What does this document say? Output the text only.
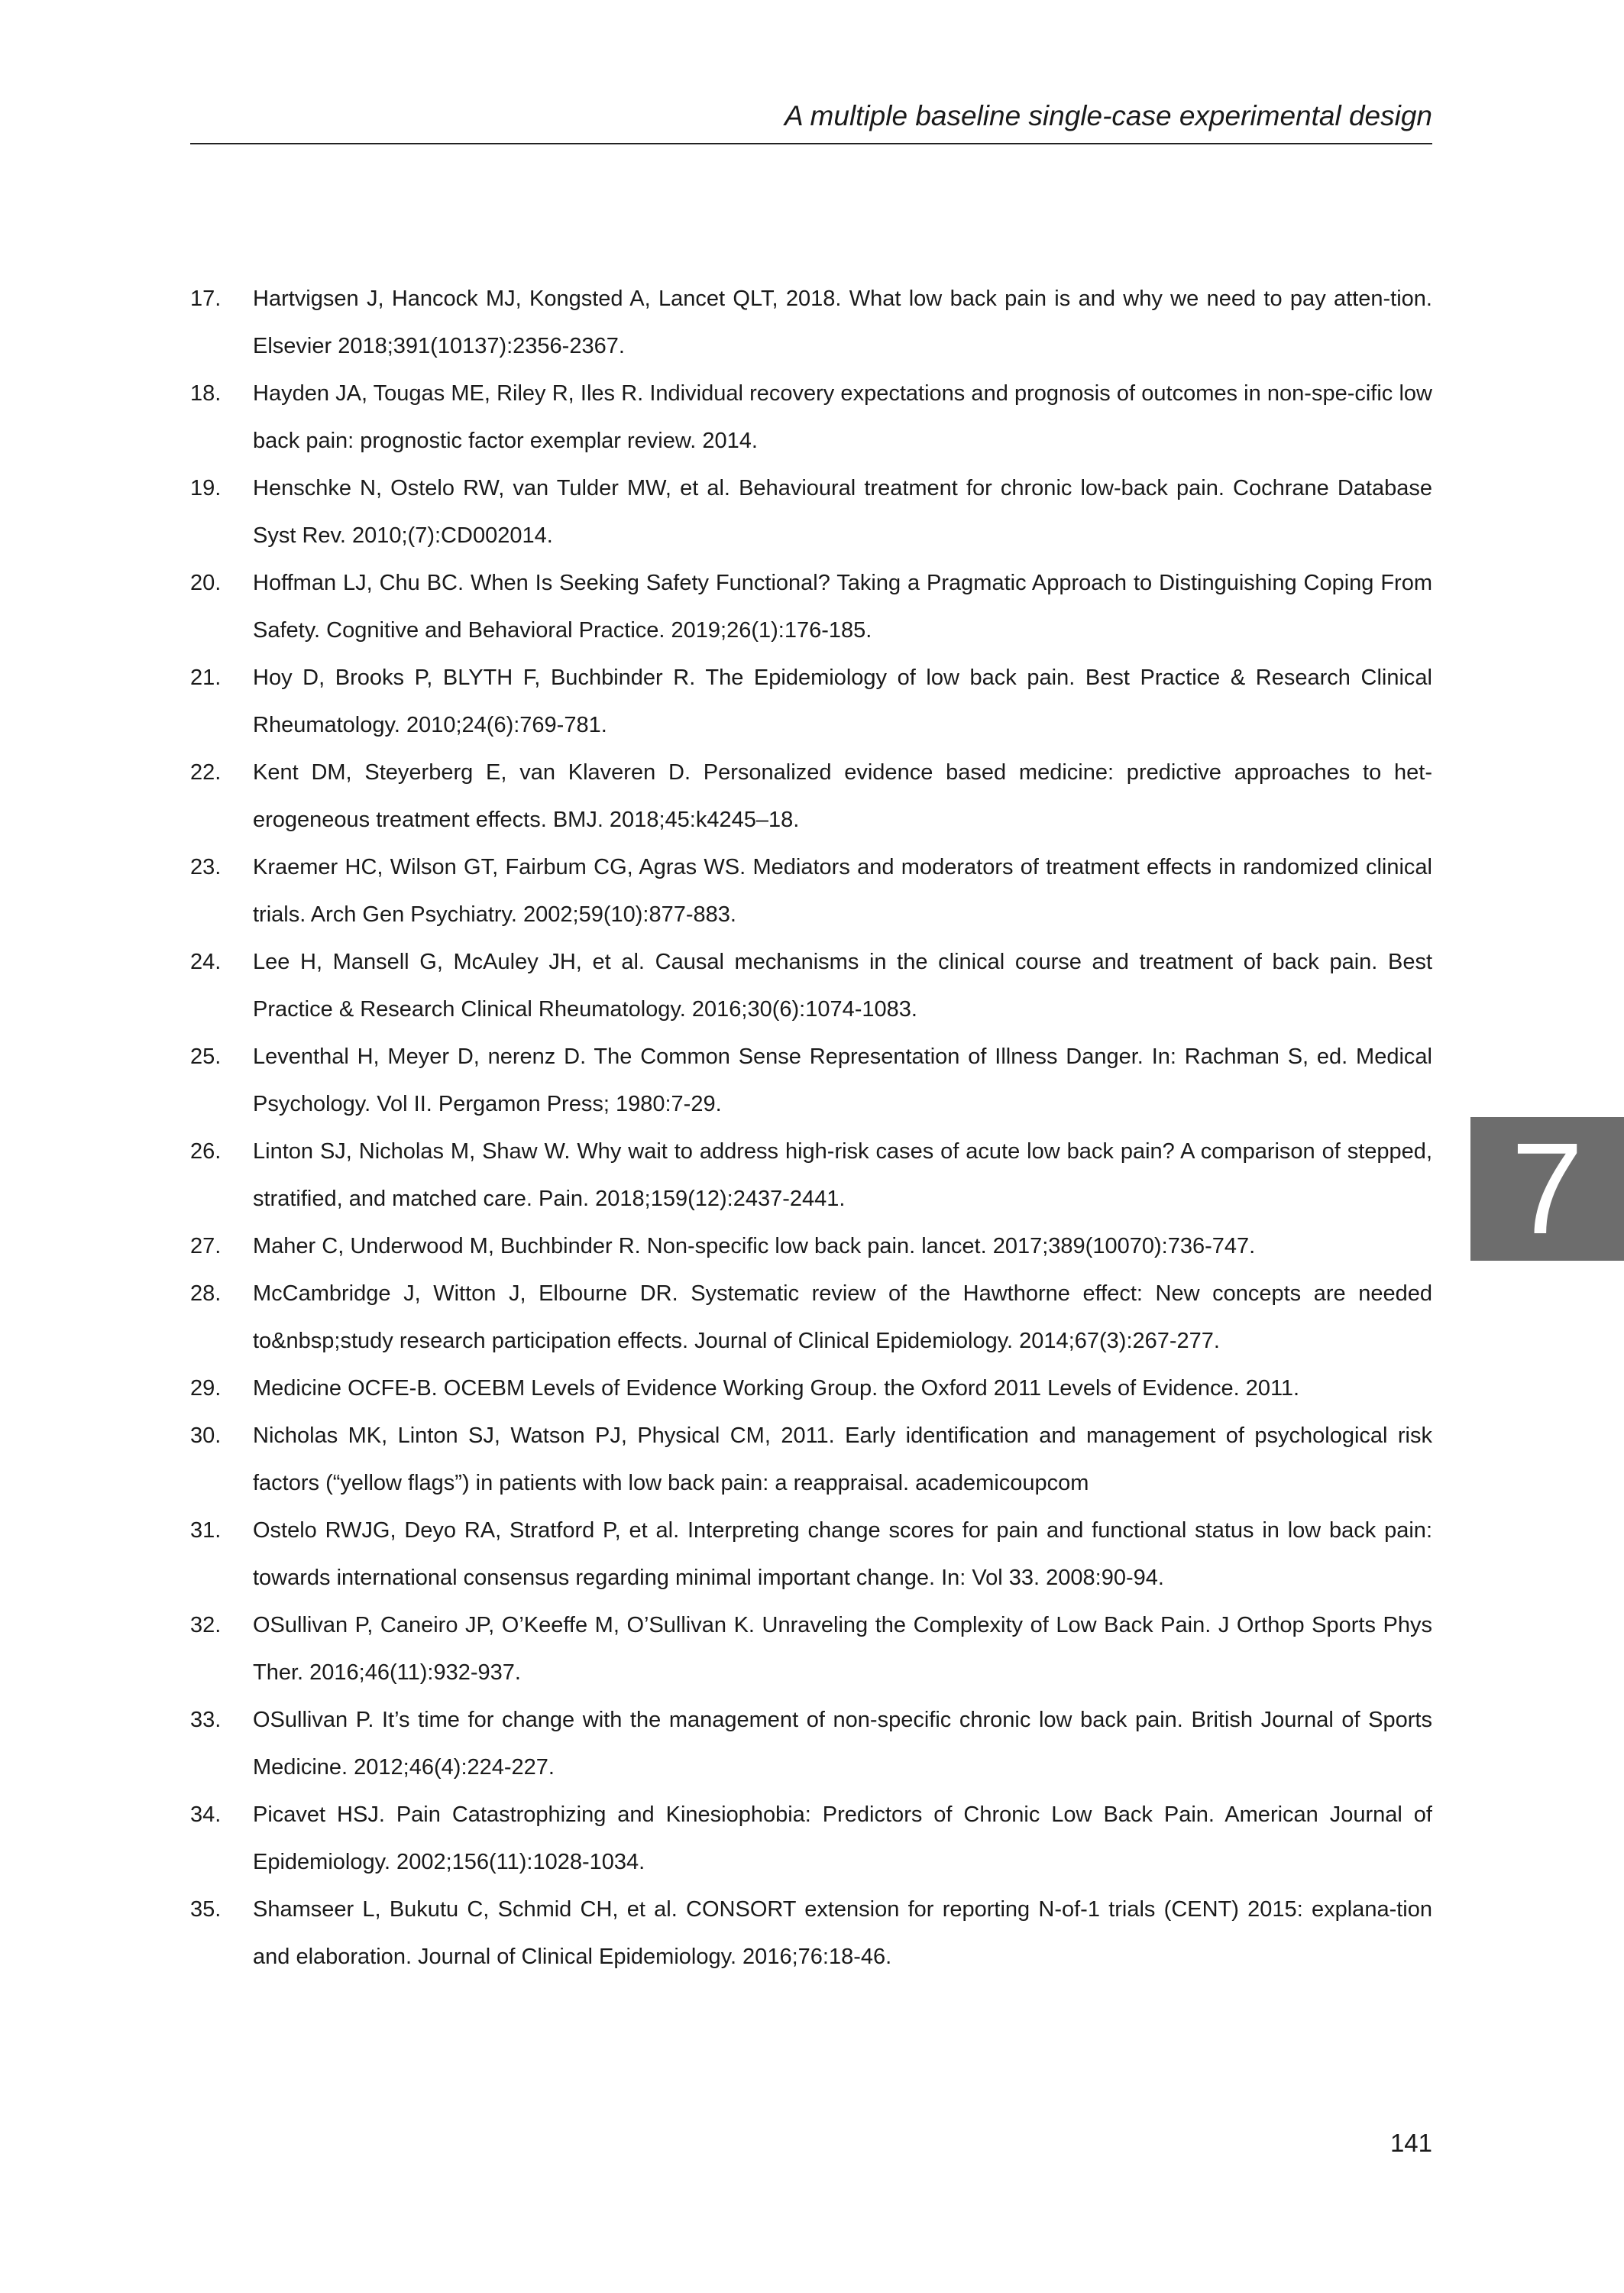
A multiple baseline single-case experimental design
17.	Hartvigsen J, Hancock MJ, Kongsted A, Lancet QLT, 2018. What low back pain is and why we need to pay atten-tion. Elsevier 2018;391(10137):2356-2367.
18.	Hayden JA, Tougas ME, Riley R, Iles R. Individual recovery expectations and prognosis of outcomes in non-spe-cific low back pain: prognostic factor exemplar review. 2014.
19.	Henschke N, Ostelo RW, van Tulder MW, et al. Behavioural treatment for chronic low-back pain. Cochrane Database Syst Rev. 2010;(7):CD002014.
20.	Hoffman LJ, Chu BC. When Is Seeking Safety Functional? Taking a Pragmatic Approach to Distinguishing Coping From Safety. Cognitive and Behavioral Practice. 2019;26(1):176-185.
21.	Hoy D, Brooks P, BLYTH F, Buchbinder R. The Epidemiology of low back pain. Best Practice & Research Clinical Rheumatology. 2010;24(6):769-781.
22.	Kent DM, Steyerberg E, van Klaveren D. Personalized evidence based medicine: predictive approaches to het-erogeneous treatment effects. BMJ. 2018;45:k4245–18.
23.	Kraemer HC, Wilson GT, Fairbum CG, Agras WS. Mediators and moderators of treatment effects in randomized clinical trials. Arch Gen Psychiatry. 2002;59(10):877-883.
24.	Lee H, Mansell G, McAuley JH, et al. Causal mechanisms in the clinical course and treatment of back pain. Best Practice & Research Clinical Rheumatology. 2016;30(6):1074-1083.
25.	Leventhal H, Meyer D, nerenz D. The Common Sense Representation of Illness Danger. In: Rachman S, ed. Medical Psychology. Vol II. Pergamon Press; 1980:7-29.
26.	Linton SJ, Nicholas M, Shaw W. Why wait to address high-risk cases of acute low back pain? A comparison of stepped, stratified, and matched care. Pain. 2018;159(12):2437-2441.
27.	Maher C, Underwood M, Buchbinder R. Non-specific low back pain. lancet. 2017;389(10070):736-747.
28.	McCambridge J, Witton J, Elbourne DR. Systematic review of the Hawthorne effect: New concepts are needed to&nbsp;study research participation effects. Journal of Clinical Epidemiology. 2014;67(3):267-277.
29.	Medicine OCFE-B. OCEBM Levels of Evidence Working Group. the Oxford 2011 Levels of Evidence. 2011.
30.	Nicholas MK, Linton SJ, Watson PJ, Physical CM, 2011. Early identification and management of psychological risk factors (“yellow flags”) in patients with low back pain: a reappraisal. academicoupcom
31.	Ostelo RWJG, Deyo RA, Stratford P, et al. Interpreting change scores for pain and functional status in low back pain: towards international consensus regarding minimal important change. In: Vol 33. 2008:90-94.
32.	OSullivan P, Caneiro JP, O’Keeffe M, O’Sullivan K. Unraveling the Complexity of Low Back Pain. J Orthop Sports Phys Ther. 2016;46(11):932-937.
33.	OSullivan P. It’s time for change with the management of non-specific chronic low back pain. British Journal of Sports Medicine. 2012;46(4):224-227.
34.	Picavet HSJ. Pain Catastrophizing and Kinesiophobia: Predictors of Chronic Low Back Pain. American Journal of Epidemiology. 2002;156(11):1028-1034.
35.	Shamseer L, Bukutu C, Schmid CH, et al. CONSORT extension for reporting N-of-1 trials (CENT) 2015: explana-tion and elaboration. Journal of Clinical Epidemiology. 2016;76:18-46.
7
141
